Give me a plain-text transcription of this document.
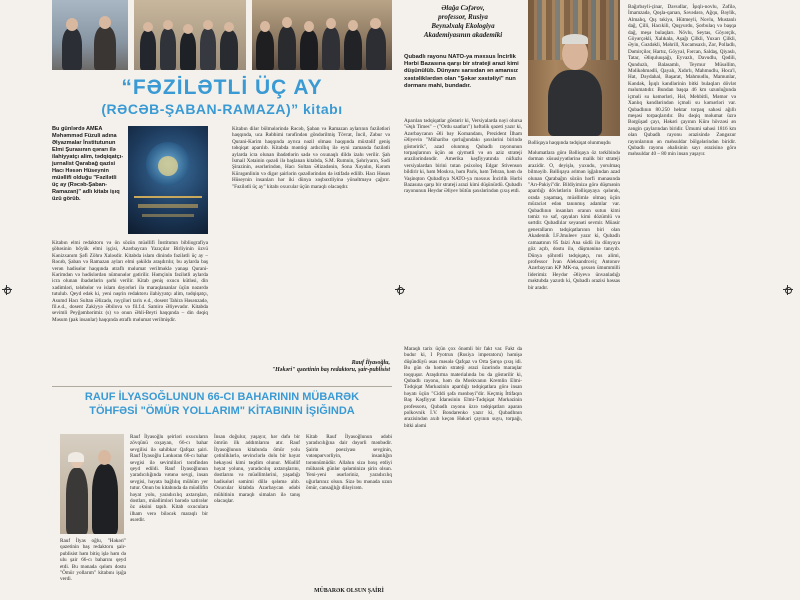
“FƏZİLƏTLİ ÜÇ AY
(RƏCƏB-ŞABAN-RAMAZA)” kitabı
Bu günlərdə AMEA Məhəmməd Füzuli adına Əlyazmalar İnstitutunun Elmi Şurasının qərarı ilə ilahiyyatçı alim, tədqiqatçı-jurnalist Qarabağ qazisi Hacı Həsən Hüseynin müəllifi olduğu "Fəzilətli üç ay (Rəcəb-Şaban-Ramazan)" adlı kitabı işıq üzü görüb.
Kitabın elmi redaktoru və ön sözün müəllifi İnstitutun bibliografiya şöbəsinin böyük elmi işçisi, Azərbaycan Yazıçılar Birliyinin üzvü Kənizxanım Şəfi Zöhrə Xaləsdir. Kitabda islam dinində fəzilətli üç ay – Rəcəb, Şaban və Ramazan ayları elmi şəkildə araşdırılır, bu aylarda baş verən hadisələr haqqında ətraflı məlumat verilməklə yanaşı Qurani-Kərimdən və hədislərdən nümunələr gətirilir. Həmçinin fəzilətli aylarda icra olunan ibadətlərin şərhi verilir. Kitab geniş oxucu kütləsi, din xadimləri, tələbələr və islam dəyərləri ilə maraqlananlar üçün nəzərdə tutulub. Qeyd edək ki, yeni nəşrin redaktoru ilahiyyatçı alim, tədqiqatçı, Asumd Hacı Sultan Əlizadə, rəyçiləri tarix e.d., dosent Tahira Həsənzadə, fil.e.d., dosent Zakiyyə Əbilova və fil.f.d. Samirə Əliyevadır. Kitabda sevimli Peyğəmbərimiz (s) və onun Əhli-Beyti haqqında – din dəqiq Məsum (pak insanlar) haqqında ətraflı məlumat verilmişdir.
Kitabın dilər bölmələrində Rəcəb, Şaban və Ramazan aylarının fəzilətləri haqqında, uca Rəbbimi tərəfindən göndərilmiş Tövrat, İncil, Zəbur və Qurani-Kərim haqqında ayrıca nəzil olması haqqında müxtəlif geniş təhqiqat aparılıb. Kitabda məntiqi ardıcıllıq ilə eyni zamanda fəzilətli aylarda icra olunan ibadətlərin sadə və oxunaqlı dildə izahı verilir. Şah İsmail Xətainin qəzəli ilə başlanan kitabda, S.M. Rumnin, Şəhriyarın, Sədi Şirazinin, əsərlərindən, Hacı Soltan Əlizadənin, Sona Xəyalın, Kərəm Kürəgənlinin və digər şairlərin qəzəllərindən də istifadə edilib. Hacı Həsən Hüseynin insanları hər iki dünya xoşbəxtliyinə yönəltməyə çağırır. "Fəzilətli üç ay" kitabı oxucular üçün maraqlı olacaqdır.
Rauf İlyasoğlu,
"Həkəri" qəzetinin baş redaktoru, şair-publisist
RAUF İLYASOĞLUNUN 66-CI BAHARININ MÜBARƏK
TÖHFƏSİ "ÖMÜR YOLLARIM" KİTABININ İŞIĞINDA
Rauf İlyas oğlu, "Həkəri" qəzetinin baş redaktoru şair-publisist həm bitiq işlə həm də ulu şair 66-cı baharını qeyd etdi. Bu mənada qələm dostu "Ömür yollarım" kitabını işığa verdi.
Rauf İlyasoğlu şeirləri oxucuların zövqünü oxşayan, 66-cı bahar sevgilisi ilə sahibkar Qafqaz şairi. Rauf İlyasoğlu Lənkəran 66-cı bahar sevgisi ilə sevimliləri tərəfindən qeyd edildi. Rauf İlyasoğlunun yaradıcılığında vətənə sevgi, insan sevgisi, həyata bağlılıq mühüm yer tutur. Onun bu kitabında da müəllifin həyat yolu, yaradıcılıq axtarışları, dostları, müəllimləri barədə xatirələr öz əksini tapıb. Kitab oxuculara ilham verə biləcək maraqlı bir əsərdir.
İnsan doğulur, yaşayır, hər dəfə bir ömrün ilk addımlarını atır. Rauf İlyasoğlunun kitabında ömür yolu çətinliklərlə, sevinclərlə dolu bir həyat hekayəsi kimi təqdim olunur. Müəllif həyat yolunu, yaradıcılıq axtarışlarını, dostlarını və müəllimlərini, yaşadığı hadisələri səmimi dillə qələmə alıb. Oxucular kitabda Azərbaycan ədəbi mühitinin maraqlı simaları ilə tanış olacaqlar.
Kitab Rauf İlyasoğlunun ədəbi yaradıcılığına dair dəyərli mənbədir. Şairin poeziyası sevginin, vətənpərvərliyin, insanlığın tərənnümüdür. Allahın sizə bəxş etdiyi mübarək günlər qələminizə şirin olsun. Yeni-yeni əsərləriniz, yaradıcılıq uğurlarınız olsun. Sizə bu mənada uzun ömür, cansağlığı diləyirəm.
MÜBARƏK OLSUN ŞAİRİ
Əlağa Cəfərov,
professor, Rusiya
Beynəlxalq Ekologiya
Akademiyasının akademiki
Qubadlı rayonu NATO-ya məxsus İncirlik Hərbi Bazasına qarşı bir strateji arazi kimi düşünülüb. Dünyanı sarsıdan ən amansız xəstəliklərdən olan "Şəkər xəstəliyi" nun dərmanı mahi, bundadır.
Aparılan tədqiqatlar göstərir ki, Versiyalarda nəyi olursa "Əqlı Times" – ("Ordu saatları") həftəlik qəzeti yazır ki, Azərbaycanın Əli bəy Komandanı, Prezident İlham Əliyevin "Müharibə qorluğundakı şəxslərini birində göstəririk", azad olunmuş Qubadlı rayonunun torpaqlarının üçün ən qiymətli və ən aziz strateji ərazilərindəndir. Amerika kəşfiyyatında nüfuzlu versiyalardan birini tutan psixoloq Edgar Stivenson bildirir ki, həm Moskva, həm Paris, həm Tehran, həm də Vaşinqton Qubadlıya NATO-ya məxsus İncirlik Hərbi Bazasına qarşı bir strateji arazi kimi düşünürdü. Qubadlı rayonunun Heydər Əliyev bütün şəxslərindən çıxış etdi.
Maraqlı tarix üçün çox önəmli bir fakt var. Fakt da budur ki, I Pyotrun (Rusiya imperatoru) həmişə düşündüyü əsas məsələ Qafqaz və Orta Şərqə çıxış idi. Bu gün də həmin strateji ərazi üzərində maraqlar toqquşur. Araşdırma materialında bu da göstərilir ki, Qubadlı rayonu, həm də Moskvanın Kremlin Elmi-Tədqiqat Mərkəzinin apardığı tədqiqatlara görə insan həyatı üçün "Ciddi şəfa mənbəyi"dir. Keçmiş İttifaqın Baş Kəşfiyyat İdarəsinin Elmi-Tədqiqat Mərkəzinin professoru, Qubadlı rayonu üzrə tədqiqatları aparan polkovnik İ.V. Bondarenko yazır ki, Qubadlının ərazisindən axıb keçən Həkəri çayının suyu, torpağı, bitki aləmi
Bəlliqaya haqqında tədqiqat olunmuşdu
Məlumatlara görə Bəlliqaya öz tərkibində dərman xüsusiyyətlərinə malik bir strateji arazidir. O, deyişlə, yuxudu, yorulmaq bilməyib. Bəlliqaya ərimən işğalından azad olunan Qarabağın sözün hərfi mənasında "Arı-Pakiyi"dir. Bildiyimizə görə düşmənin apardığı dövlətlərin Bəlliqayaya qələrək, orada yaşamaq, müəllimlə olmaq üçün müraciət edən tanınmış adamlar var. Qubadlının insanları oranın sutun kimi təmiz və saf, qayaları kimi dözümlü və sərtdir. Qubadlılar xeyanəti sevmir. Müasir generalların tədqiqatlarının biri olan Akademik İ.F.Jmuleev yazır ki, Qubadlı camaatının 85 faizi Ana südü ilə dünyaya göz açıb, dostu ilə, düşməninə tanıyıb. Dünya şöhrətli tədqiqatçı, rus alimi, professor İvan Aleksandroviç Antonov Azərbaycan KP MK-na, şəxsən ümummilli liderimiz Heydər Əliyevə ünvanladığı məktubda yazırdı ki, Qubadlı ərazisi həssas bir aradır.
Bağırbəyli-çinar, Davudlar, İşıqlı-novlu, Zəfilə, İmamzadə, Qoşla-qarıan, Səvədərə, Ağqu, Bəylik, Almalıq, Qış təkiyə, Hütmeyli, Novlu, Mustanlı dağ, Çilli, Hacıkili, Quşyurdu, Şorbulaq və başqa dağ, meşə bulaqları. Növlu, Seytas, Göyərçik, Göyərçəkli, Xalıkala, Aşağı Çilkli, Yuxarı Çilkli, Əyin, Gəzdəkli, Məhrill, Xocamsaxlı, Zor, Polladlı, Dəmirçilər, Hartız, Göyyal, Fərcan, Saldaş, Qiyaslı, Tatar, Əliquluuşağı, Eyvazlı, Davudlu, Qədili, Qunduzlı, Balasamlı, Teymur Müsəllim, Məlikəhmədli, Qayalı, Xıdırlı, Mahmudlu, Hoca'l, Hat, Dəydahal, Başarat, Mahmudlu, Mamunlar, Kəndək, İşıqlı kəndlərinin bitki bulaqları dövlət məlumatıdır. Bundan başqa 46 km uzunluğunda içməli su kəmərləri, Həl, Mehbitli, Məmər və Xanlıq kəndlərindən içməli su kəmərləri var. Qubadlının 80.250 hektar torpaq sahəsi ağıllı meşəsi torpaqlarıdır. Bu dəqiq məlumat üzrə Bərgüşad çayı, Həkəri çayının Kürə hövzəsi ən zəngin çaylarından biridir. Ümumi sahəsi 1816 km olan Qubadlı rayonu ərazisində Zəngəzur rayonlarının ən məhsuldar bölgələrindən biridir. Qubadlı rayonu əhalisinin sayı ərazisinə görə məhsuldar 40 – 80 min insan yaşayır.
